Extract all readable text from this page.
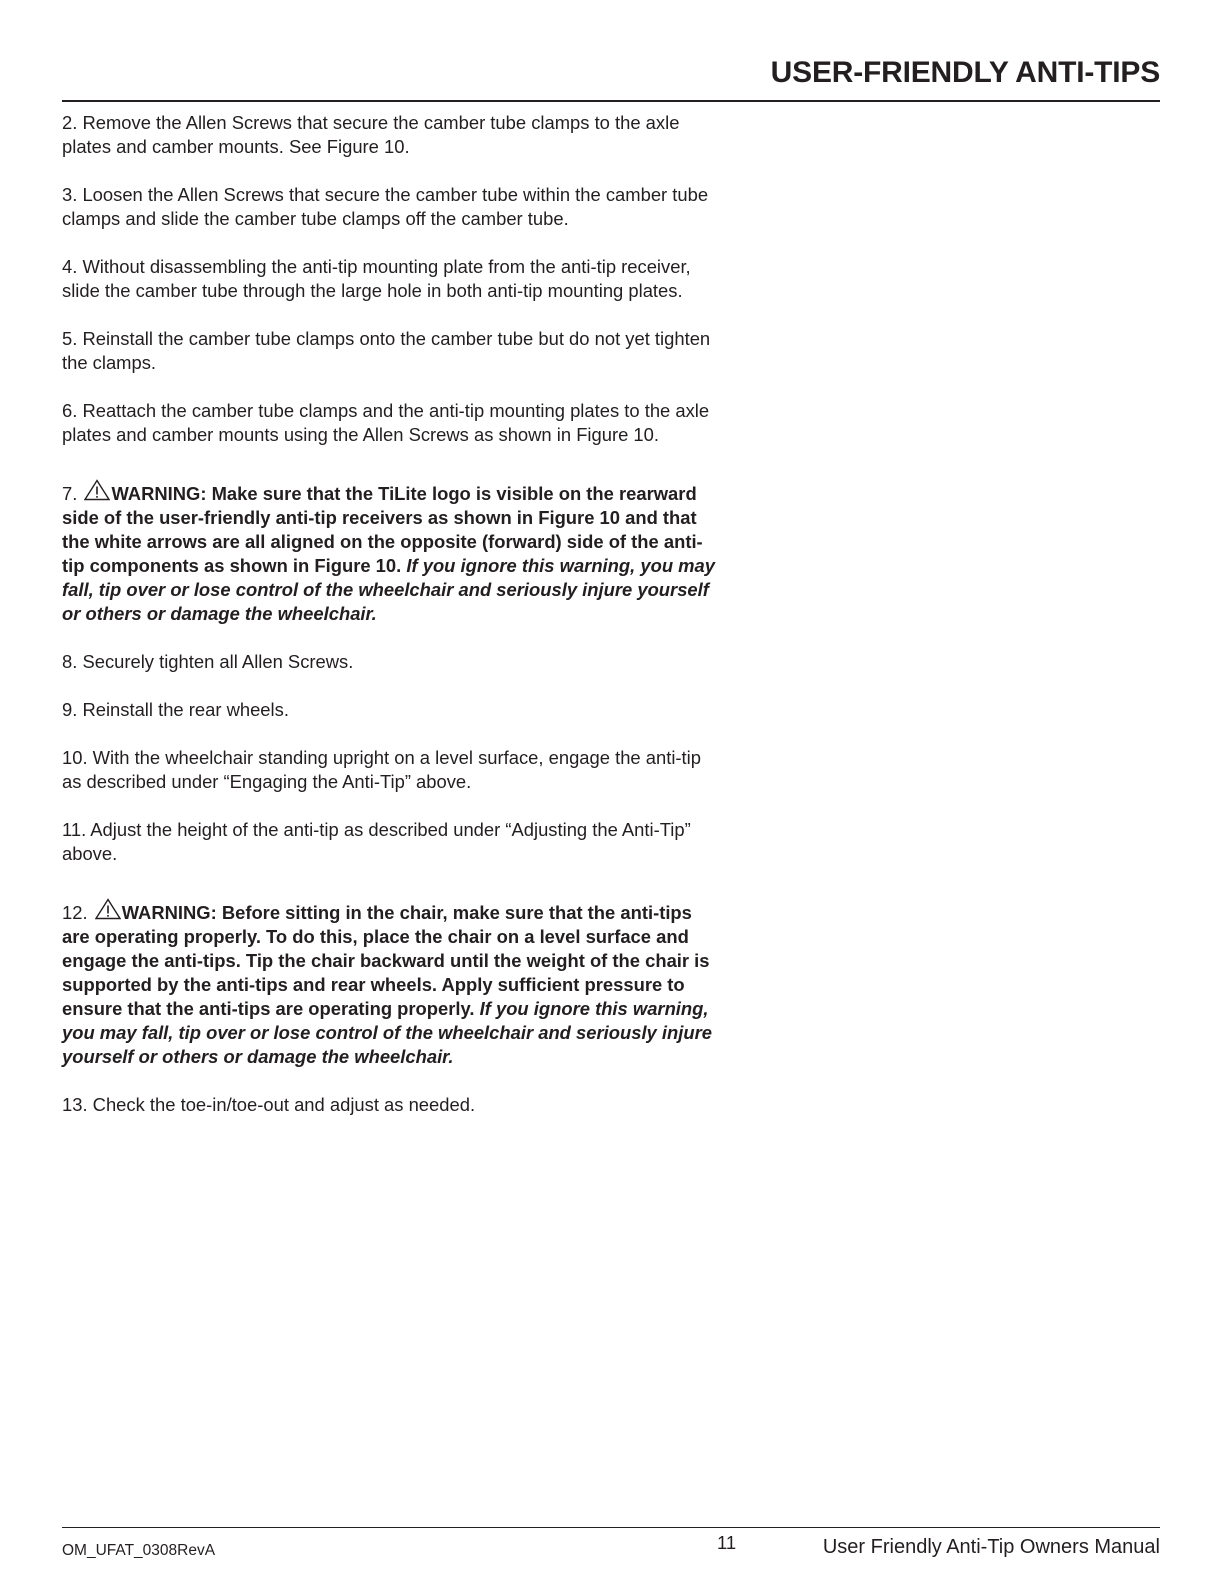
USER-FRIENDLY ANTI-TIPS

2. Remove the Allen Screws that secure the camber tube clamps to the axle plates and camber mounts. See Figure 10.

3. Loosen the Allen Screws that secure the camber tube within the camber tube clamps and slide the camber tube clamps off the camber tube.

4. Without disassembling the anti-tip mounting plate from the anti-tip receiver, slide the camber tube through the large hole in both anti-tip mounting plates.

5. Reinstall the camber tube clamps onto the camber tube but do not yet tighten the clamps.

6. Reattach the camber tube clamps and the anti-tip mounting plates to the axle plates and camber mounts using the Allen Screws as shown in Figure 10.

7. WARNING: Make sure that the TiLite logo is visible on the rearward side of the user-friendly anti-tip receivers as shown in Figure 10 and that the white arrows are all aligned on the opposite (forward) side of the anti-tip components as shown in Figure 10. If you ignore this warning, you may fall, tip over or lose control of the wheelchair and seriously injure yourself or others or damage the wheelchair.

8. Securely tighten all Allen Screws.

9. Reinstall the rear wheels.

10. With the wheelchair standing upright on a level surface, engage the anti-tip as described under “Engaging the Anti-Tip” above.

11. Adjust the height of the anti-tip as described under “Adjusting the Anti-Tip” above.

12. WARNING: Before sitting in the chair, make sure that the anti-tips are operating properly. To do this, place the chair on a level surface and engage the anti-tips. Tip the chair backward until the weight of the chair is supported by the anti-tips and rear wheels. Apply sufficient pressure to ensure that the anti-tips are operating properly. If you ignore this warning, you may fall, tip over or lose control of the wheelchair and seriously injure yourself or others or damage the wheelchair.

13. Check the toe-in/toe-out and adjust as needed.

OM_UFAT_0308RevA	11	User Friendly Anti-Tip Owners Manual
